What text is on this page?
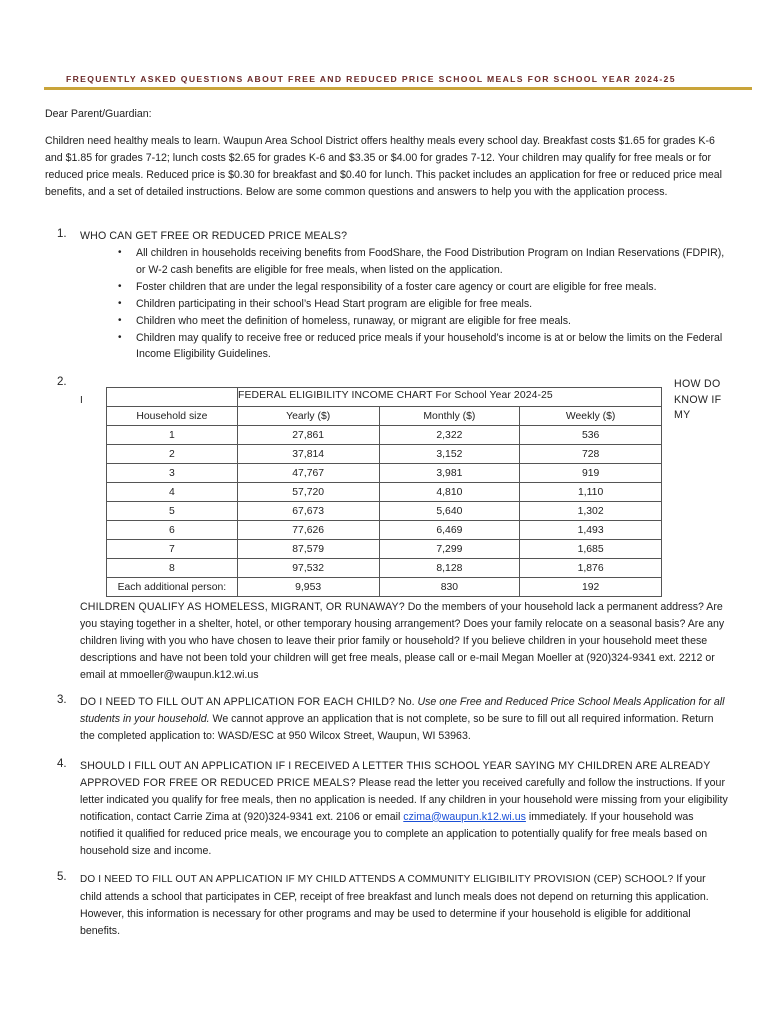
FREQUENTLY ASKED QUESTIONS ABOUT FREE AND REDUCED PRICE SCHOOL MEALS FOR SCHOOL YEAR 2024-25
Dear Parent/Guardian:
Children need healthy meals to learn. Waupun Area School District offers healthy meals every school day. Breakfast costs $1.65 for grades K-6 and $1.85 for grades 7-12; lunch costs $2.65 for grades K-6 and $3.35 or $4.00 for grades 7-12. Your children may qualify for free meals or for reduced price meals. Reduced price is $0.30 for breakfast and $0.40 for lunch. This packet includes an application for free or reduced price meal benefits, and a set of detailed instructions. Below are some common questions and answers to help you with the application process.
1. WHO CAN GET FREE OR REDUCED PRICE MEALS?
• All children in households receiving benefits from FoodShare, the Food Distribution Program on Indian Reservations (FDPIR), or W-2 cash benefits are eligible for free meals, when listed on the application.
• Foster children that are under the legal responsibility of a foster care agency or court are eligible for free meals.
• Children participating in their school’s Head Start program are eligible for free meals.
• Children who meet the definition of homeless, runaway, or migrant are eligible for free meals.
• Children may qualify to receive free or reduced price meals if your household’s income is at or below the limits on the Federal Income Eligibility Guidelines.
2.
I
HOW DO KNOW IF MY

	FEDERAL ELIGIBILITY INCOME CHART For School Year 2024-25		

Household size	Yearly ($)	Monthly ($)	Weekly ($)
1	27,861	2,322	536
2	37,814	3,152	728
3	47,767	3,981	919
4	57,720	4,810	1,110
5	67,673	5,640	1,302
6	77,626	6,469	1,493
7	87,579	7,299	1,685
8	97,532	8,128	1,876
Each additional person:	9,953	830	192
CHILDREN QUALIFY AS HOMELESS, MIGRANT, OR RUNAWAY? Do the members of your household lack a permanent address? Are you staying together in a shelter, hotel, or other temporary housing arrangement? Does your family relocate on a seasonal basis? Are any children living with you who have chosen to leave their prior family or household? If you believe children in your household meet these descriptions and have not been told your children will get free meals, please call or e-mail Megan Moeller at (920)324-9341 ext. 2212 or email at mmoeller@waupun.k12.wi.us
3. DO I NEED TO FILL OUT AN APPLICATION FOR EACH CHILD? No. Use one Free and Reduced Price School Meals Application for all students in your household. We cannot approve an application that is not complete, so be sure to fill out all required information. Return the completed application to: WASD/ESC at 950 Wilcox Street, Waupun, WI 53963.
4. SHOULD I FILL OUT AN APPLICATION IF I RECEIVED A LETTER THIS SCHOOL YEAR SAYING MY CHILDREN ARE ALREADY APPROVED FOR FREE OR REDUCED PRICE MEALS? Please read the letter you received carefully and follow the instructions. If your letter indicated you qualify for free meals, then no application is needed. If any children in your household were missing from your eligibility notification, contact Carrie Zima at (920)324-9341 ext. 2106 or email czima@waupun.k12.wi.us immediately. If your household was notified it qualified for reduced price meals, we encourage you to complete an application to potentially qualify for free meals based on household size and income.
5. DO I NEED TO FILL OUT AN APPLICATION IF MY CHILD ATTENDS A COMMUNITY ELIGIBILITY PROVISION (CEP) SCHOOL? If your child attends a school that participates in CEP, receipt of free breakfast and lunch meals does not depend on returning this application. However, this information is necessary for other programs and may be used to determine if your household is eligible for additional benefits.
